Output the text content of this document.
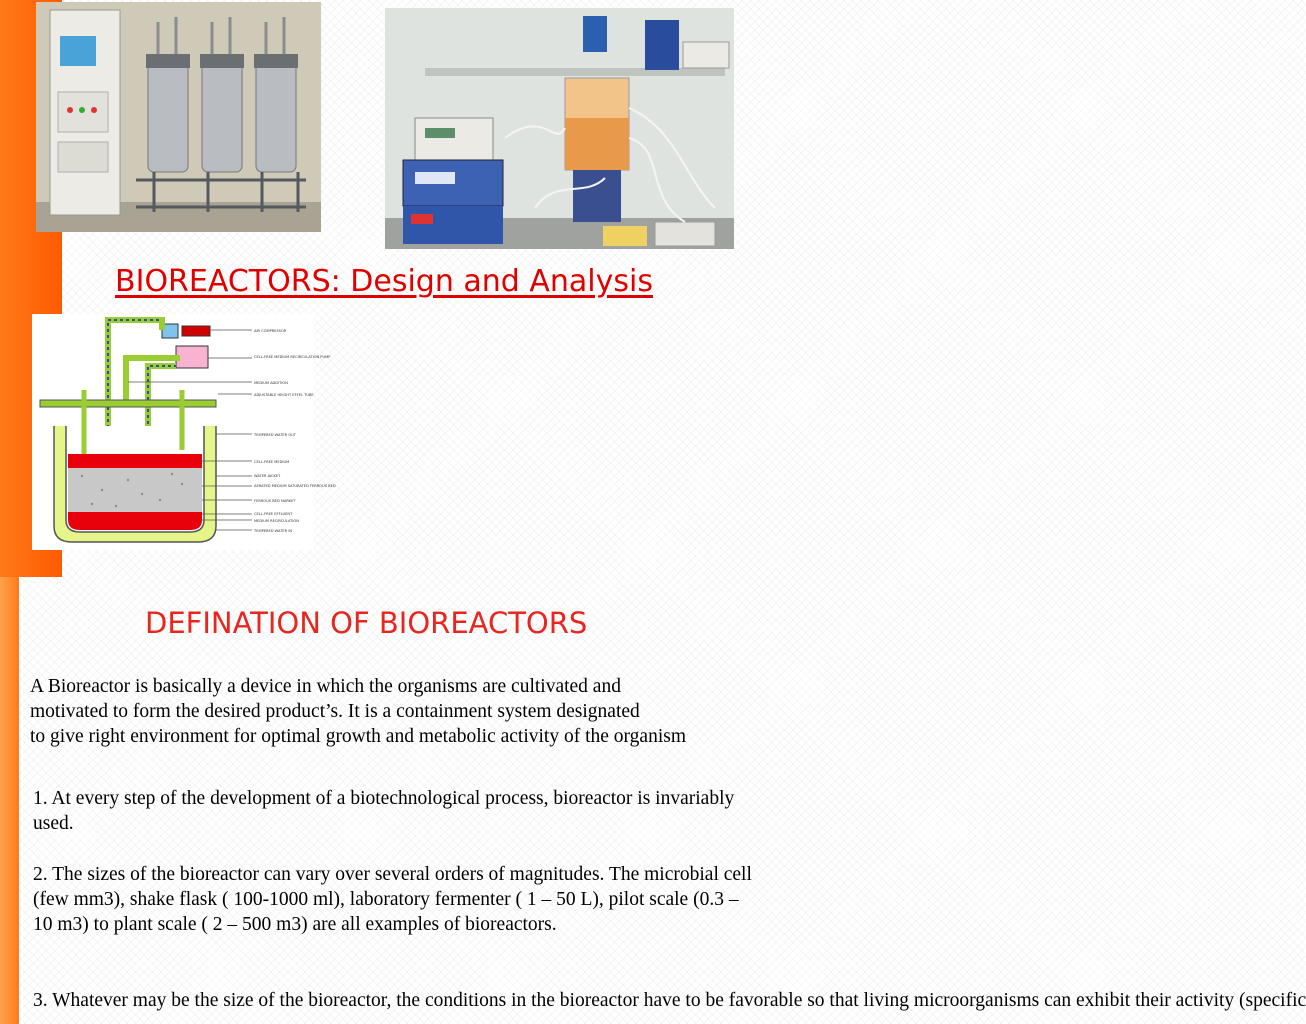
BIOREACTORS: Design and Analysis
AIR COMPRESSOR
CELL-FREE MEDIUM RECIRCULATION PUMP
MEDIUM ADDITION
ADJUSTABLE HEIGHT EFFEL TUBE
TEMPERED WATER OUT
CELL-FREE MEDIUM
WATER JACKET
AERATED MEDIUM SATURATED FERROUS BED
FERROUS BED MARKET
CELL-FREE EFFLUENT
MEDIUM RECIRCULATION
TEMPERED WATER IN
DEFINATION OF BIOREACTORS
A Bioreactor is basically a device in which the organisms are cultivated and
motivated to form the desired product’s. It is a containment system designated
to give right environment for optimal growth and metabolic activity of the organism
1. At every step of the development of a biotechnological process, bioreactor is invariably used.
2. The sizes of the bioreactor can vary over several orders of magnitudes. The microbial cell (few mm3), shake flask ( 100-1000 ml), laboratory fermenter ( 1 – 50 L), pilot scale (0.3 – 10 m3) to plant scale ( 2 – 500 m3) are all examples of bioreactors.
3. Whatever may be the size of the bioreactor, the conditions in the bioreactor have to be favorable so that living microorganisms can exhibit their activity (specific
